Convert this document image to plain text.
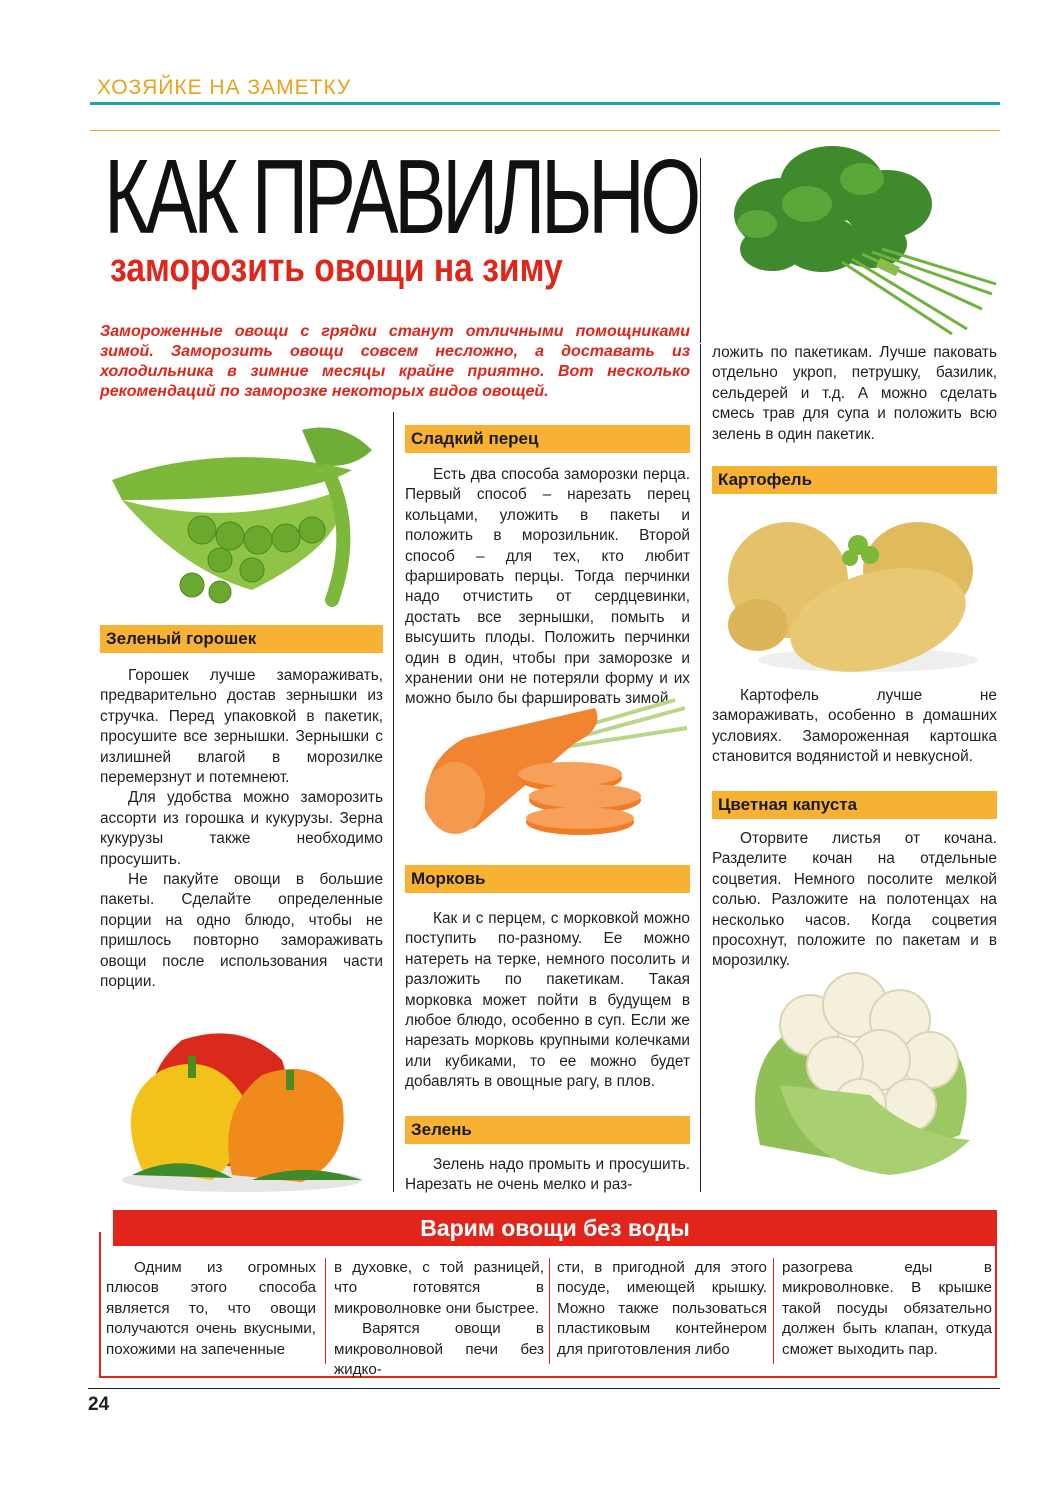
ХОЗЯЙКЕ НА ЗАМЕТКУ
КАК ПРАВИЛЬНО
заморозить овощи на зиму
Замороженные овощи с грядки станут отличными помощниками зимой. Заморозить овощи совсем несложно, а доставать из холодильника в зимние месяцы крайне приятно. Вот несколько рекомендаций по заморозке некоторых видов овощей.
Зеленый горошек

Горошек лучше замораживать, предварительно достав зернышки из стручка. Перед упаковкой в пакетик, просушите все зернышки. Зернышки с излишней влагой в морозилке перемерзнут и потемнеют.

Для удобства можно заморозить ассорти из горошка и кукурузы. Зерна кукурузы также необходимо просушить.

Не пакуйте овощи в большие пакеты. Сделайте определенные порции на одно блюдо, чтобы не пришлось повторно замораживать овощи после использования части порции.

Сладкий перец

Есть два способа заморозки перца. Первый способ – нарезать перец кольцами, уложить в пакеты и положить в морозильник. Второй способ – для тех, кто любит фаршировать перцы. Тогда перчинки надо отчистить от сердцевинки, достать все зернышки, помыть и высушить плоды. Положить перчинки один в один, чтобы при заморозке и хранении они не потеряли форму и их можно было бы фаршировать зимой.

Морковь

Как и с перцем, с морковкой можно поступить по-разному. Ее можно натереть на терке, немного посолить и разложить по пакетикам. Такая морковка может пойти в будущем в любое блюдо, особенно в суп. Если же нарезать морковь крупными колечками или кубиками, то ее можно будет добавлять в овощные рагу, в плов.

Зелень

Зелень надо промыть и просушить. Нарезать не очень мелко и раз-

ложить по пакетикам. Лучше паковать отдельно укроп, петрушку, базилик, сельдерей и т.д. А можно сделать смесь трав для супа и положить всю зелень в один пакетик.

Картофель

Картофель лучше не замораживать, особенно в домашних условиях. Замороженная картошка становится водянистой и невкусной.

Цветная капуста

Оторвите листья от кочана. Разделите кочан на отдельные соцветия. Немного посолите мелкой солью. Разложите на полотенцах на несколько часов. Когда соцветия просохнут, положите по пакетам и в морозилку.

Варим овощи без воды

Одним из огромных плюсов этого способа является то, что овощи получаются очень вкусными, похожими на запеченные

в духовке, с той разницей, что готовятся в микроволновке они быстрее.

Варятся овощи в микроволновой печи без жидко-

сти, в пригодной для этого посуде, имеющей крышку. Можно также пользоваться пластиковым контейнером для приготовления либо

разогрева еды в микроволновке. В крышке такой посуды обязательно должен быть клапан, откуда сможет выходить пар.

24
